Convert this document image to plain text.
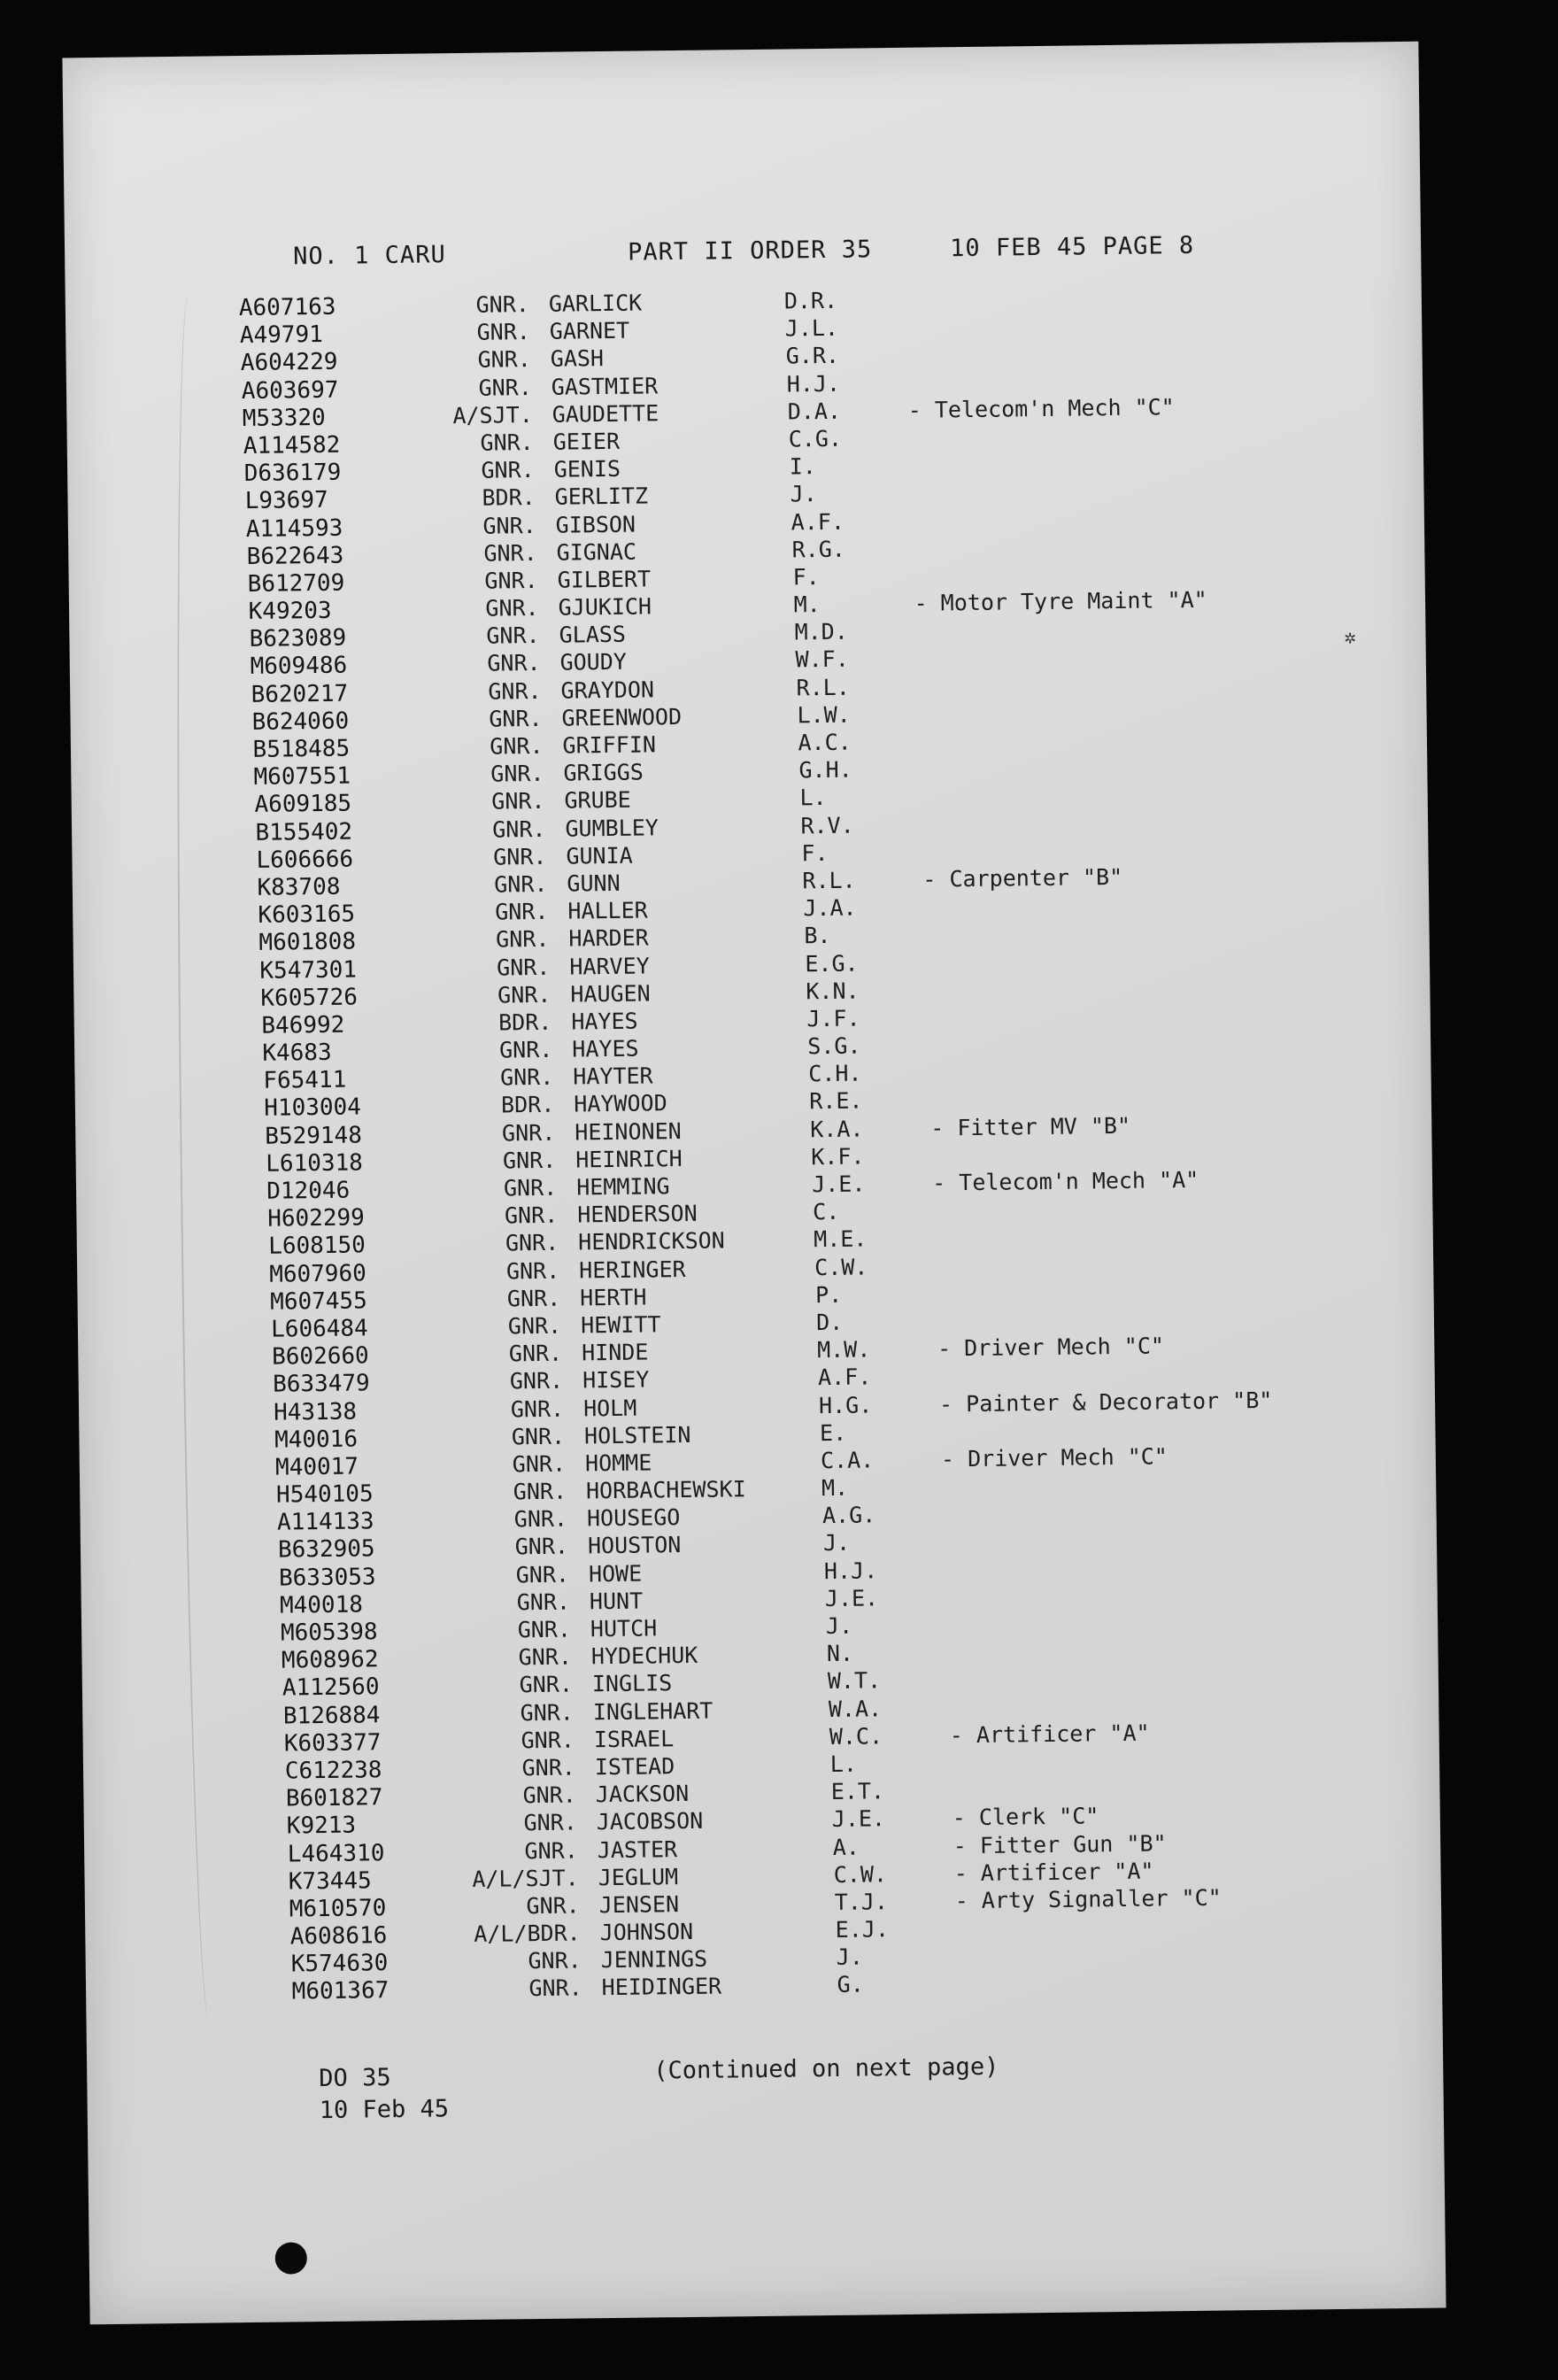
✲
NO. 1 CARU	PART II ORDER 35	10 FEB 45 PAGE 8
A607163	GNR. GARLICK	D.R.
A49791	GNR. GARNET	J.L.
A604229	GNR. GASH	G.R.
A603697	GNR. GASTMIER	H.J.
M53320	A/SJT. GAUDETTE	D.A.	- Telecom'n Mech "C"
A114582	GNR. GEIER	C.G.
D636179	GNR. GENIS	I.
L93697	BDR. GERLITZ	J.
A114593	GNR. GIBSON	A.F.
B622643	GNR. GIGNAC	R.G.
B612709	GNR. GILBERT	F.
K49203	GNR. GJUKICH	M.	- Motor Tyre Maint "A"
B623089	GNR. GLASS	M.D.
M609486	GNR. GOUDY	W.F.
B620217	GNR. GRAYDON	R.L.
B624060	GNR. GREENWOOD	L.W.
B518485	GNR. GRIFFIN	A.C.
M607551	GNR. GRIGGS	G.H.
A609185	GNR. GRUBE	L.
B155402	GNR. GUMBLEY	R.V.
L606666	GNR. GUNIA	F.
K83708	GNR. GUNN	R.L.	- Carpenter "B"
K603165	GNR. HALLER	J.A.
M601808	GNR. HARDER	B.
K547301	GNR. HARVEY	E.G.
K605726	GNR. HAUGEN	K.N.
B46992	BDR. HAYES	J.F.
K4683	GNR. HAYES	S.G.
F65411	GNR. HAYTER	C.H.
H103004	BDR. HAYWOOD	R.E.
B529148	GNR. HEINONEN	K.A.	- Fitter MV "B"
L610318	GNR. HEINRICH	K.F.
D12046	GNR. HEMMING	J.E.	- Telecom'n Mech "A"
H602299	GNR. HENDERSON	C.
L608150	GNR. HENDRICKSON	M.E.
M607960	GNR. HERINGER	C.W.
M607455	GNR. HERTH	P.
L606484	GNR. HEWITT	D.
B602660	GNR. HINDE	M.W.	- Driver Mech "C"
B633479	GNR. HISEY	A.F.
H43138	GNR. HOLM	H.G.	- Painter & Decorator "B"
M40016	GNR. HOLSTEIN	E.
M40017	GNR. HOMME	C.A.	- Driver Mech "C"
H540105	GNR. HORBACHEWSKI	M.
A114133	GNR. HOUSEGO	A.G.
B632905	GNR. HOUSTON	J.
B633053	GNR. HOWE	H.J.
M40018	GNR. HUNT	J.E.
M605398	GNR. HUTCH	J.
M608962	GNR. HYDECHUK	N.
A112560	GNR. INGLIS	W.T.
B126884	GNR. INGLEHART	W.A.
K603377	GNR. ISRAEL	W.C.	- Artificer "A"
C612238	GNR. ISTEAD	L.
B601827	GNR. JACKSON	E.T.
K9213	GNR. JACOBSON	J.E.	- Clerk "C"
L464310	GNR. JASTER	A.	- Fitter Gun "B"
K73445	A/L/SJT. JEGLUM	C.W.	- Artificer "A"
M610570	GNR. JENSEN	T.J.	- Arty Signaller "C"
A608616	A/L/BDR. JOHNSON	E.J.
K574630	GNR. JENNINGS	J.
M601367	GNR. HEIDINGER	G.
DO 35
10 Feb 45
(Continued on next page)
